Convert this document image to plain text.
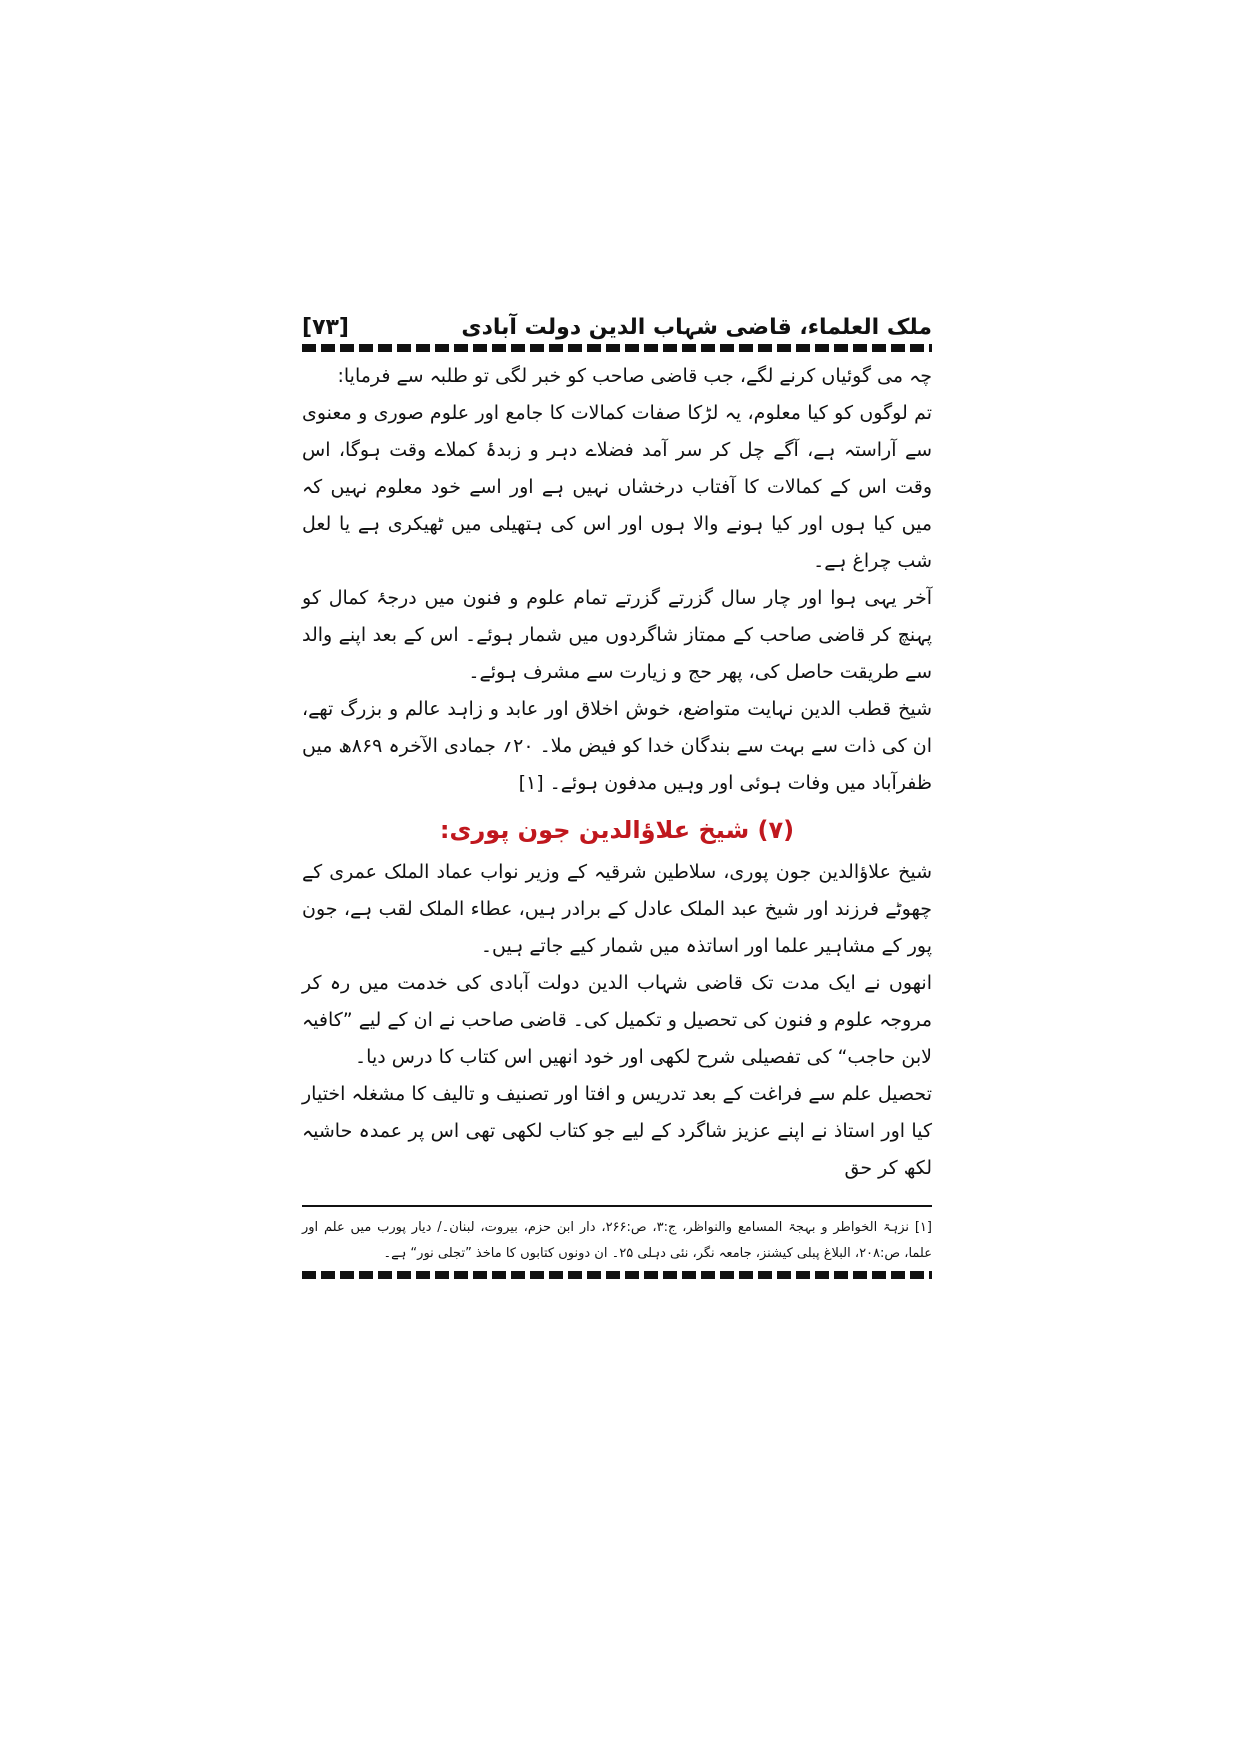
ملک العلماء، قاضی شہاب الدین دولت آبادی
[۷۳]

چہ می گوئیاں کرنے لگے، جب قاضی صاحب کو خبر لگی تو طلبہ سے فرمایا:

تم لوگوں کو کیا معلوم، یہ لڑکا صفات کمالات کا جامع اور علوم صوری و معنوی سے آراستہ ہے، آگے چل کر سر آمد فضلاے دہر و زبدۂ کملاے وقت ہوگا، اس وقت اس کے کمالات کا آفتاب درخشاں نہیں ہے اور اسے خود معلوم نہیں کہ میں کیا ہوں اور کیا ہونے والا ہوں اور اس کی ہتھیلی میں ٹھیکری ہے یا لعل شب چراغ ہے۔

آخر یہی ہوا اور چار سال گزرتے گزرتے تمام علوم و فنون میں درجۂ کمال کو پہنچ کر قاضی صاحب کے ممتاز شاگردوں میں شمار ہوئے۔ اس کے بعد اپنے والد سے طریقت حاصل کی، پھر حج و زیارت سے مشرف ہوئے۔

شیخ قطب الدین نہایت متواضع، خوش اخلاق اور عابد و زاہد عالم و بزرگ تھے، ان کی ذات سے بہت سے بندگان خدا کو فیض ملا۔ ۲۰؍ جمادی الآخرہ ۸۶۹ھ میں ظفرآباد میں وفات ہوئی اور وہیں مدفون ہوئے۔ [۱]

(۷) شیخ علاؤالدین جون پوری:

شیخ علاؤالدین جون پوری، سلاطین شرقیہ کے وزیر نواب عماد الملک عمری کے چھوٹے فرزند اور شیخ عبد الملک عادل کے برادر ہیں، عطاء الملک لقب ہے، جون پور کے مشاہیر علما اور اساتذہ میں شمار کیے جاتے ہیں۔

انھوں نے ایک مدت تک قاضی شہاب الدین دولت آبادی کی خدمت میں رہ کر مروجہ علوم و فنون کی تحصیل و تکمیل کی۔ قاضی صاحب نے ان کے لیے ”کافیہ لابن حاجب“ کی تفصیلی شرح لکھی اور خود انھیں اس کتاب کا درس دیا۔

تحصیل علم سے فراغت کے بعد تدریس و افتا اور تصنیف و تالیف کا مشغلہ اختیار کیا اور استاذ نے اپنے عزیز شاگرد کے لیے جو کتاب لکھی تھی اس پر عمدہ حاشیہ لکھ کر حق

[۱] نزہۃ الخواطر و بہجۃ المسامع والنواظر، ج:۳، ص:۲۶۶، دار ابن حزم، بیروت، لبنان۔/ دیار پورب میں علم اور علما، ص:۲۰۸، البلاغ پبلی کیشنز، جامعہ نگر، نئی دہلی ۲۵۔ ان دونوں کتابوں کا ماخذ ”تجلی نور“ ہے۔
